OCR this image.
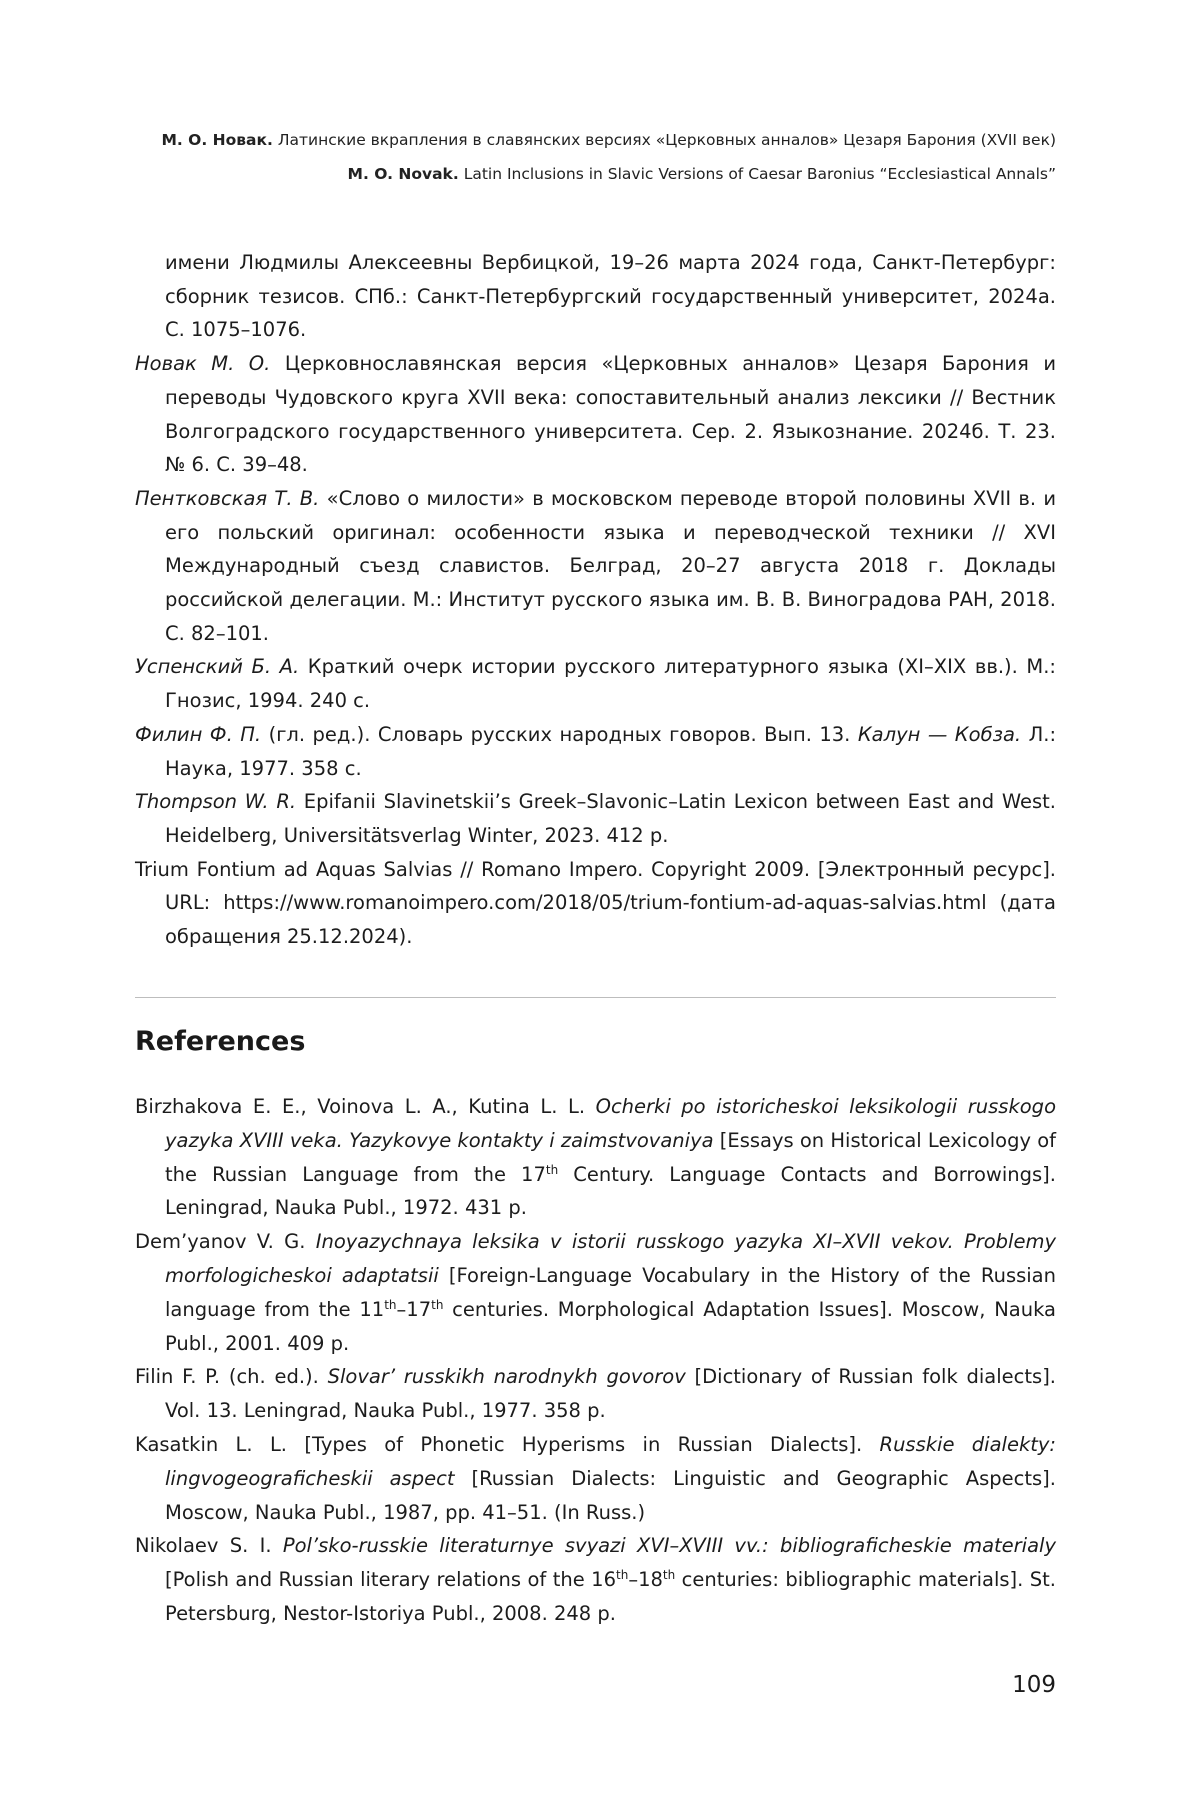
М. О. Новак. Латинские вкрапления в славянских версиях «Церковных анналов» Цезаря Барония (XVII век)
M. O. Novak. Latin Inclusions in Slavic Versions of Caesar Baronius “Ecclesiastical Annals”

имени Людмилы Алексеевны Вербицкой, 19–26 марта 2024 года, Санкт-Петербург: сборник тезисов. СПб.: Санкт-Петербургский государственный университет, 2024а. С. 1075–1076.

Новак М. О. Церковнославянская версия «Церковных анналов» Цезаря Барония и переводы Чудовского круга XVII века: сопоставительный анализ лексики // Вестник Волгоградского государственного университета. Сер. 2. Языкознание. 2024б. Т. 23. № 6. С. 39–48.

Пентковская Т. В. «Слово о милости» в московском переводе второй половины XVII в. и его польский оригинал: особенности языка и переводческой техники // XVI Международный съезд славистов. Белград, 20–27 августа 2018 г. Доклады российской делегации. М.: Институт русского языка им. В. В. Виноградова РАН, 2018. С. 82–101.

Успенский Б. А. Краткий очерк истории русского литературного языка (XI–XIX вв.). М.: Гнозис, 1994. 240 с.

Филин Ф. П. (гл. ред.). Словарь русских народных говоров. Вып. 13. Калун — Кобза. Л.: Наука, 1977. 358 с.

Thompson W. R. Epifanii Slavinetskii’s Greek–Slavonic–Latin Lexicon between East and West. Heidelberg, Universitätsverlag Winter, 2023. 412 p.

Trium Fontium ad Aquas Salvias // Romano Impero. Copyright 2009. [Электронный ресурс]. URL: https://www.romanoimpero.com/2018/05/trium-fontium-ad-aquas-salvias.html (дата обращения 25.12.2024).

References

Birzhakova E. E., Voinova L. A., Kutina L. L. Ocherki po istoricheskoi leksikologii russkogo yazyka XVIII veka. Yazykovye kontakty i zaimstvovaniya [Essays on Historical Lexicology of the Russian Language from the 17th Century. Language Contacts and Borrowings]. Leningrad, Nauka Publ., 1972. 431 p.

Dem’yanov V. G. Inoyazychnaya leksika v istorii russkogo yazyka XI–XVII vekov. Problemy morfologicheskoi adaptatsii [Foreign-Language Vocabulary in the History of the Russian language from the 11th–17th centuries. Morphological Adaptation Issues]. Moscow, Nauka Publ., 2001. 409 p.

Filin F. P. (ch. ed.). Slovar’ russkikh narodnykh govorov [Dictionary of Russian folk dialects]. Vol. 13. Leningrad, Nauka Publ., 1977. 358 p.

Kasatkin L. L. [Types of Phonetic Hyperisms in Russian Dialects]. Russkie dialekty: lingvogeograficheskii aspect [Russian Dialects: Linguistic and Geographic Aspects]. Moscow, Nauka Publ., 1987, pp. 41–51. (In Russ.)

Nikolaev S. I. Pol’sko-russkie literaturnye svyazi XVI–XVIII vv.: bibliograficheskie materialy [Polish and Russian literary relations of the 16th–18th centuries: bibliographic materials]. St. Petersburg, Nestor-Istoriya Publ., 2008. 248 p.

109
